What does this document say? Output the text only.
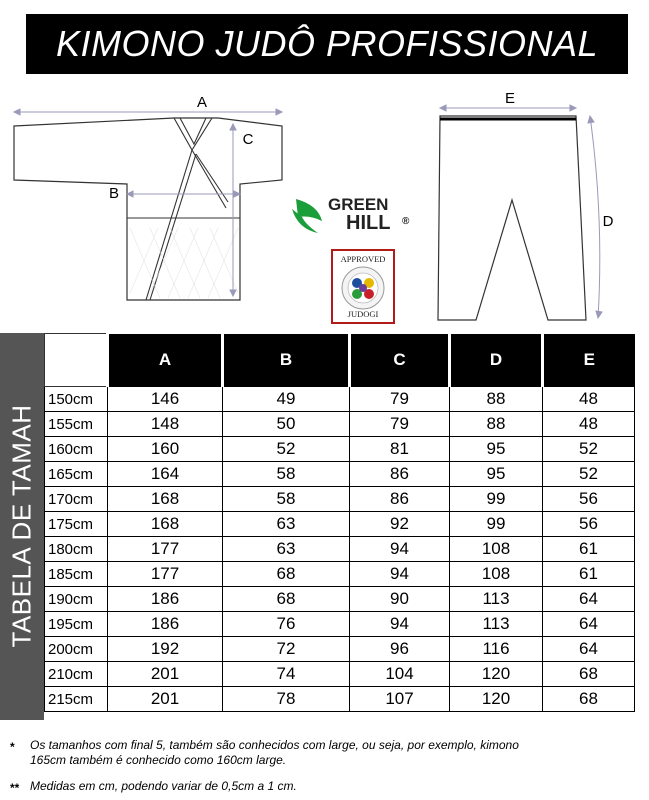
KIMONO JUDÔ PROFISSIONAL
A
B
C
E
D
GREEN
HILL ®
APPROVED
JUDOGI
TABELA DE TAMAH
	A	B	C	D	E
150cm	146	49	79	88	48
155cm	148	50	79	88	48
160cm	160	52	81	95	52
165cm	164	58	86	95	52
170cm	168	58	86	99	56
175cm	168	63	92	99	56
180cm	177	63	94	108	61
185cm	177	68	94	108	61
190cm	186	68	90	113	64
195cm	186	76	94	113	64
200cm	192	72	96	116	64
210cm	201	74	104	120	68
215cm	201	78	107	120	68
* Os tamanhos com final 5, também são conhecidos com large, ou seja, por exemplo, kimono 165cm também é conhecido como 160cm large.
** Medidas em cm, podendo variar de 0,5cm a 1 cm.
